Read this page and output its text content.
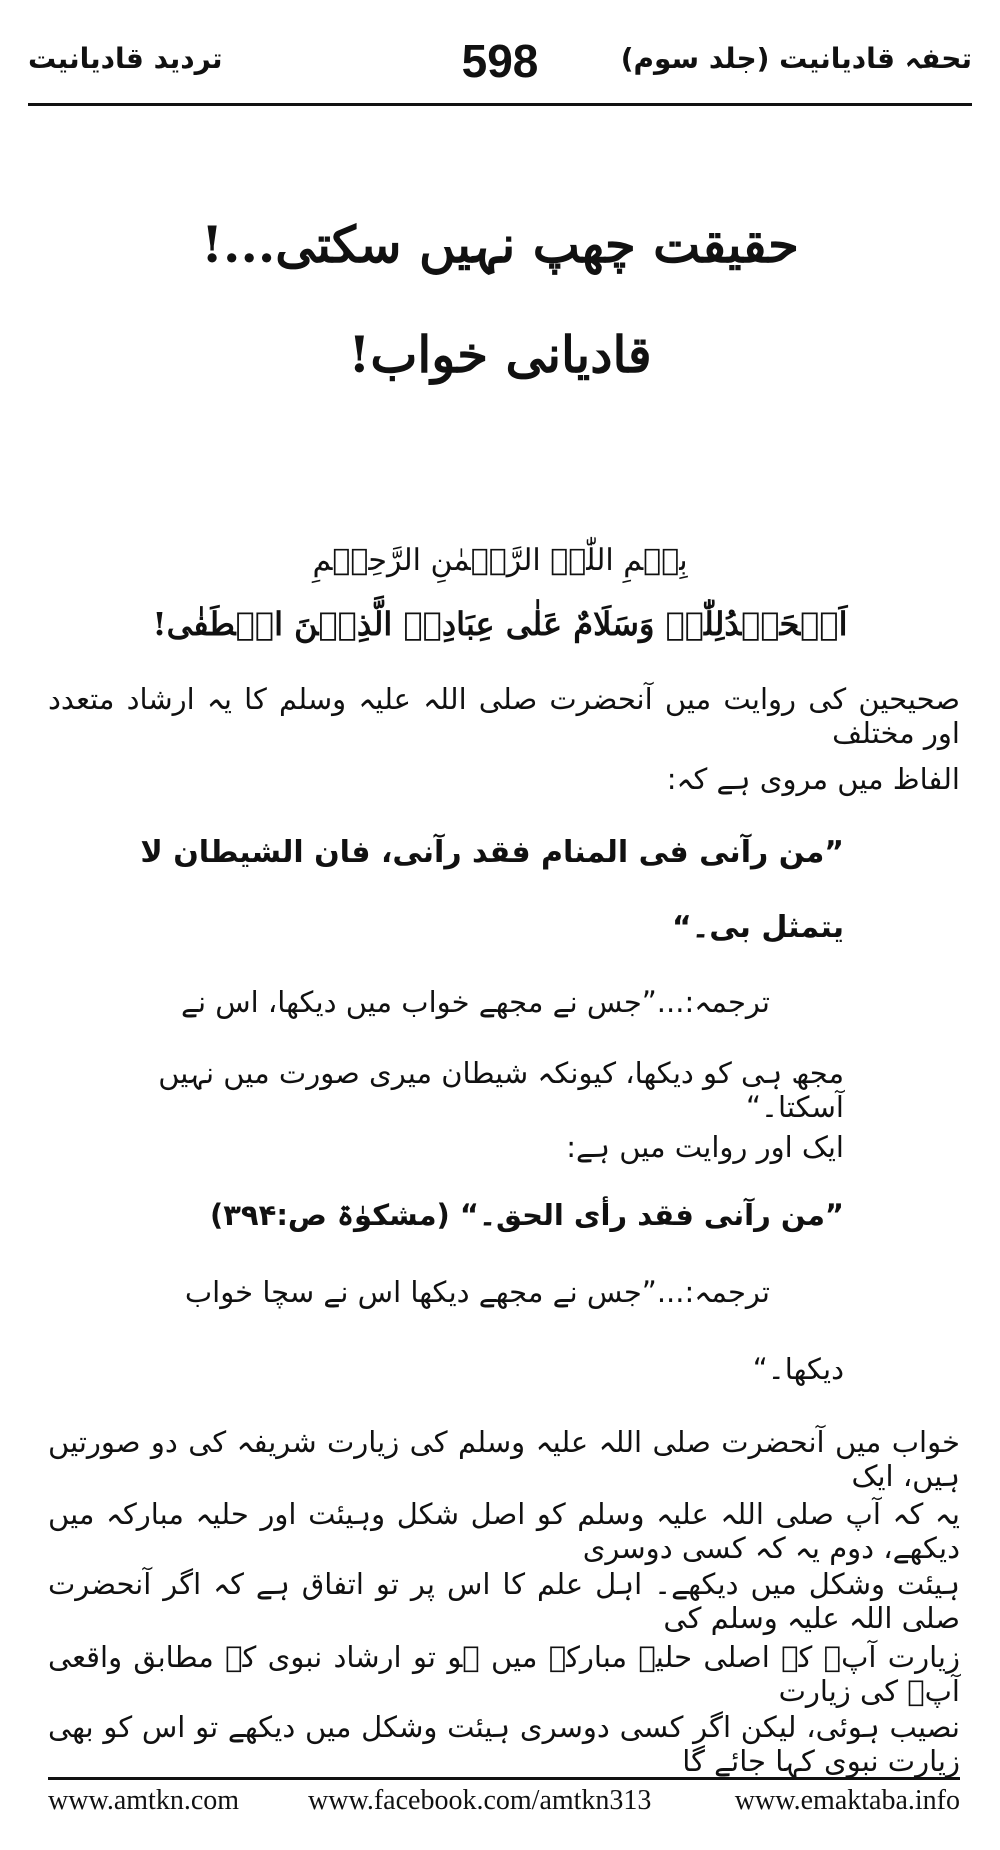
تحفہ قادیانیت (جلد سوم)
598
تردید قادیانیت
حقیقت چھپ نہیں سکتی...!
قادیانی خواب!
بِسۡمِ اللّٰہِ الرَّحۡمٰنِ الرَّحِیۡمِ
اَلۡحَمۡدُلِلّٰہِ وَسَلَامٌ عَلٰی عِبَادِہِ الَّذِیۡنَ اصۡطَفٰی!
صحیحین کی روایت میں آنحضرت صلی اللہ علیہ وسلم کا یہ ارشاد متعدد اور مختلف
الفاظ میں مروی ہے کہ:
”من رآنی فی المنام فقد رآنی، فان الشیطان لا
یتمثل بی۔“
ترجمہ:...”جس نے مجھے خواب میں دیکھا، اس نے
مجھ ہی کو دیکھا، کیونکہ شیطان میری صورت میں نہیں آسکتا۔“
ایک اور روایت میں ہے:
”من رآنی فقد رأی الحق۔“ (مشکوٰۃ ص:۳۹۴)
ترجمہ:...”جس نے مجھے دیکھا اس نے سچا خواب
دیکھا۔“
خواب میں آنحضرت صلی اللہ علیہ وسلم کی زیارت شریفہ کی دو صورتیں ہیں، ایک
یہ کہ آپ صلی اللہ علیہ وسلم کو اصل شکل وہیئت اور حلیہ مبارکہ میں دیکھے، دوم یہ کہ کسی دوسری
ہیئت وشکل میں دیکھے۔ اہل علم کا اس پر تو اتفاق ہے کہ اگر آنحضرت صلی اللہ علیہ وسلم کی
زیارت آپؐ کے اصلی حلیہ مبارکہ میں ہو تو ارشاد نبوی کے مطابق واقعی آپؐ کی زیارت
نصیب ہوئی، لیکن اگر کسی دوسری ہیئت وشکل میں دیکھے تو اس کو بھی زیارت نبوی کہا جائے گا
www.amtkn.com www.facebook.com/amtkn313	www.emaktaba.info
